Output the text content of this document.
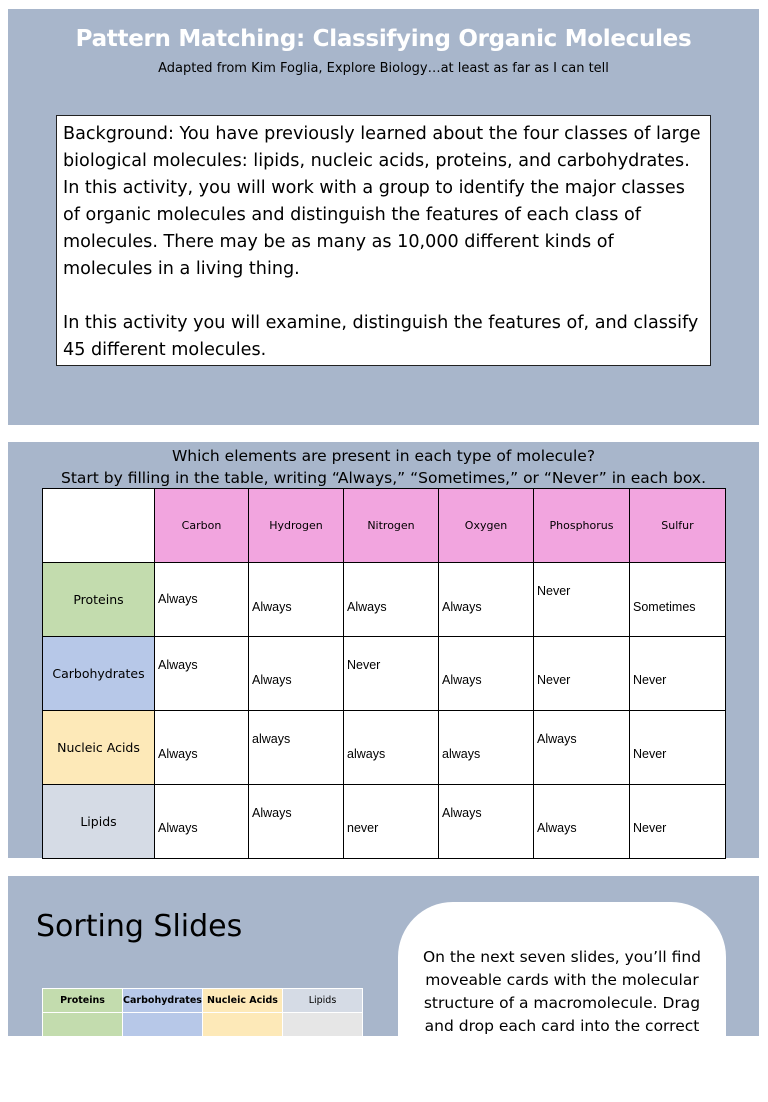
Pattern Matching: Classifying Organic Molecules
Adapted from Kim Foglia, Explore Biology…at least as far as I can tell

Background: You have previously learned about the four classes of large biological molecules: lipids, nucleic acids, proteins, and carbohydrates. In this activity, you will work with a group to identify the major classes of organic molecules and distinguish the features of each class of molecules. There may be as many as 10,000 different kinds of molecules in a living thing.

In this activity you will examine, distinguish the features of, and classify 45 different molecules.

Which elements are present in each type of molecule?
Start by filling in the table, writing “Always,” “Sometimes,” or “Never” in each box.
	Carbon	Hydrogen	Nitrogen	Oxygen	Phosphorus	Sulfur
Proteins	Always	Always	Always	Always	Never	Sometimes

Carbohydrates	Always	Always	Never	Always	Never	Never

Nucleic Acids	Always	always	always	always	Always	Never

Lipids	Always	Always	never	Always	Always	Never
Sorting Slides
Proteins	Carbohydrates	Nucleic Acids	Lipids

On the next seven slides, you’ll find moveable cards with the molecular structure of a macromolecule. Drag and drop each card into the correct
